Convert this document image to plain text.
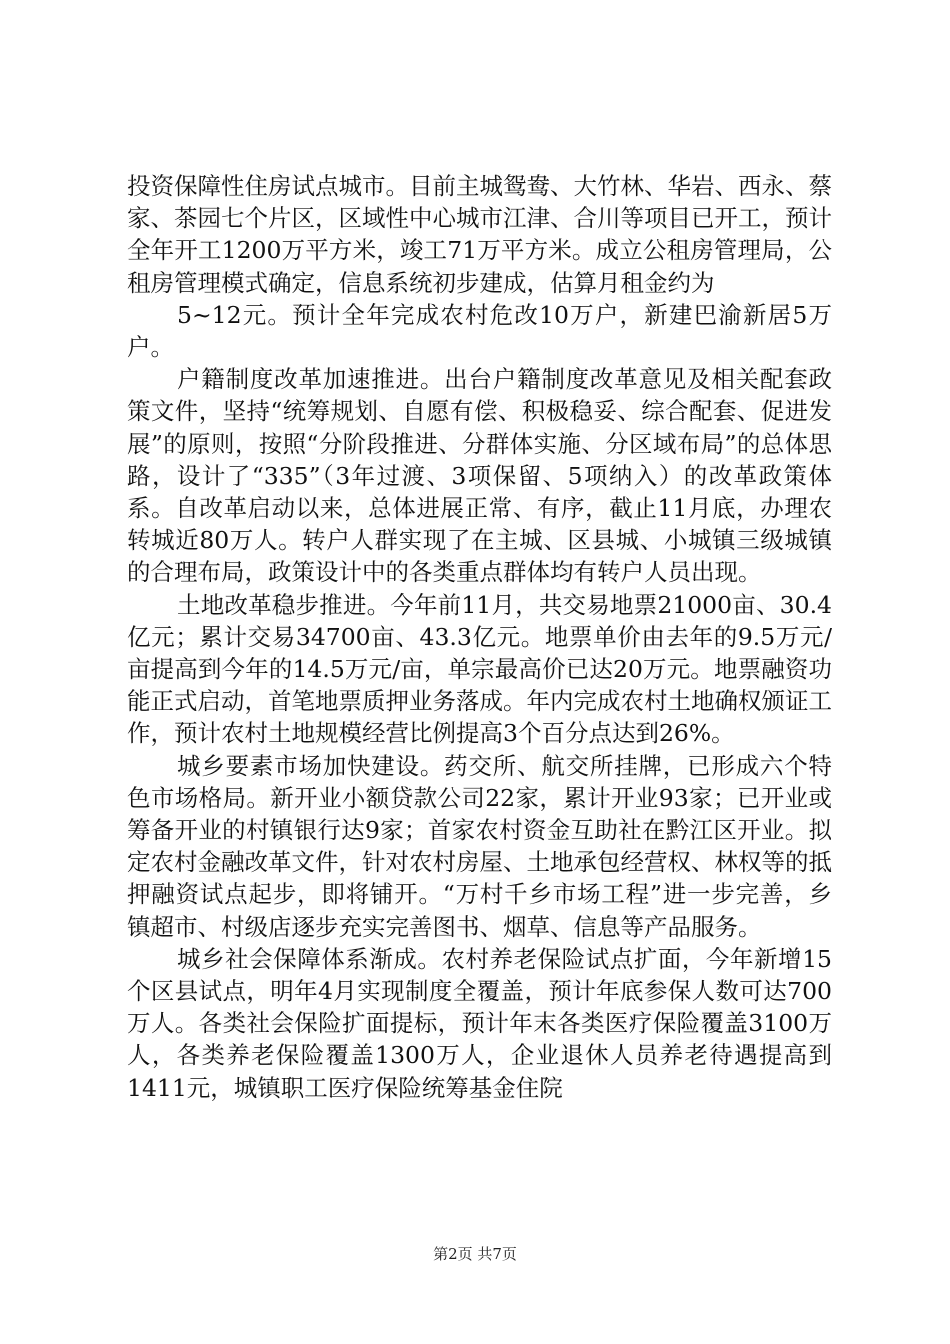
投资保障性住房试点城市。目前主城鸳鸯、大竹林、华岩、西永、蔡家、茶园七个片区，区域性中心城市江津、合川等项目已开工，预计全年开工1200万平方米，竣工71万平方米。成立公租房管理局，公租房管理模式确定，信息系统初步建成，估算月租金约为

5~12元。预计全年完成农村危改10万户，新建巴渝新居5万户。

户籍制度改革加速推进。出台户籍制度改革意见及相关配套政策文件，坚持“统筹规划、自愿有偿、积极稳妥、综合配套、促进发展”的原则，按照“分阶段推进、分群体实施、分区域布局”的总体思路，设计了“335”（3年过渡、3项保留、5项纳入）的改革政策体系。自改革启动以来，总体进展正常、有序，截止11月底，办理农转城近80万人。转户人群实现了在主城、区县城、小城镇三级城镇的合理布局，政策设计中的各类重点群体均有转户人员出现。

土地改革稳步推进。今年前11月，共交易地票21000亩、30.4亿元；累计交易34700亩、43.3亿元。地票单价由去年的9.5万元/亩提高到今年的14.5万元/亩，单宗最高价已达20万元。地票融资功能正式启动，首笔地票质押业务落成。年内完成农村土地确权颁证工作，预计农村土地规模经营比例提高3个百分点达到26%。

城乡要素市场加快建设。药交所、航交所挂牌，已形成六个特色市场格局。新开业小额贷款公司22家，累计开业93家；已开业或筹备开业的村镇银行达9家；首家农村资金互助社在黔江区开业。拟定农村金融改革文件，针对农村房屋、土地承包经营权、林权等的抵押融资试点起步，即将铺开。“万村千乡市场工程”进一步完善，乡镇超市、村级店逐步充实完善图书、烟草、信息等产品服务。

城乡社会保障体系渐成。农村养老保险试点扩面，今年新增15个区县试点，明年4月实现制度全覆盖，预计年底参保人数可达700万人。各类社会保险扩面提标，预计年末各类医疗保险覆盖3100万人，各类养老保险覆盖1300万人，企业退休人员养老待遇提高到1411元，城镇职工医疗保险统筹基金住院

第2页 共7页
